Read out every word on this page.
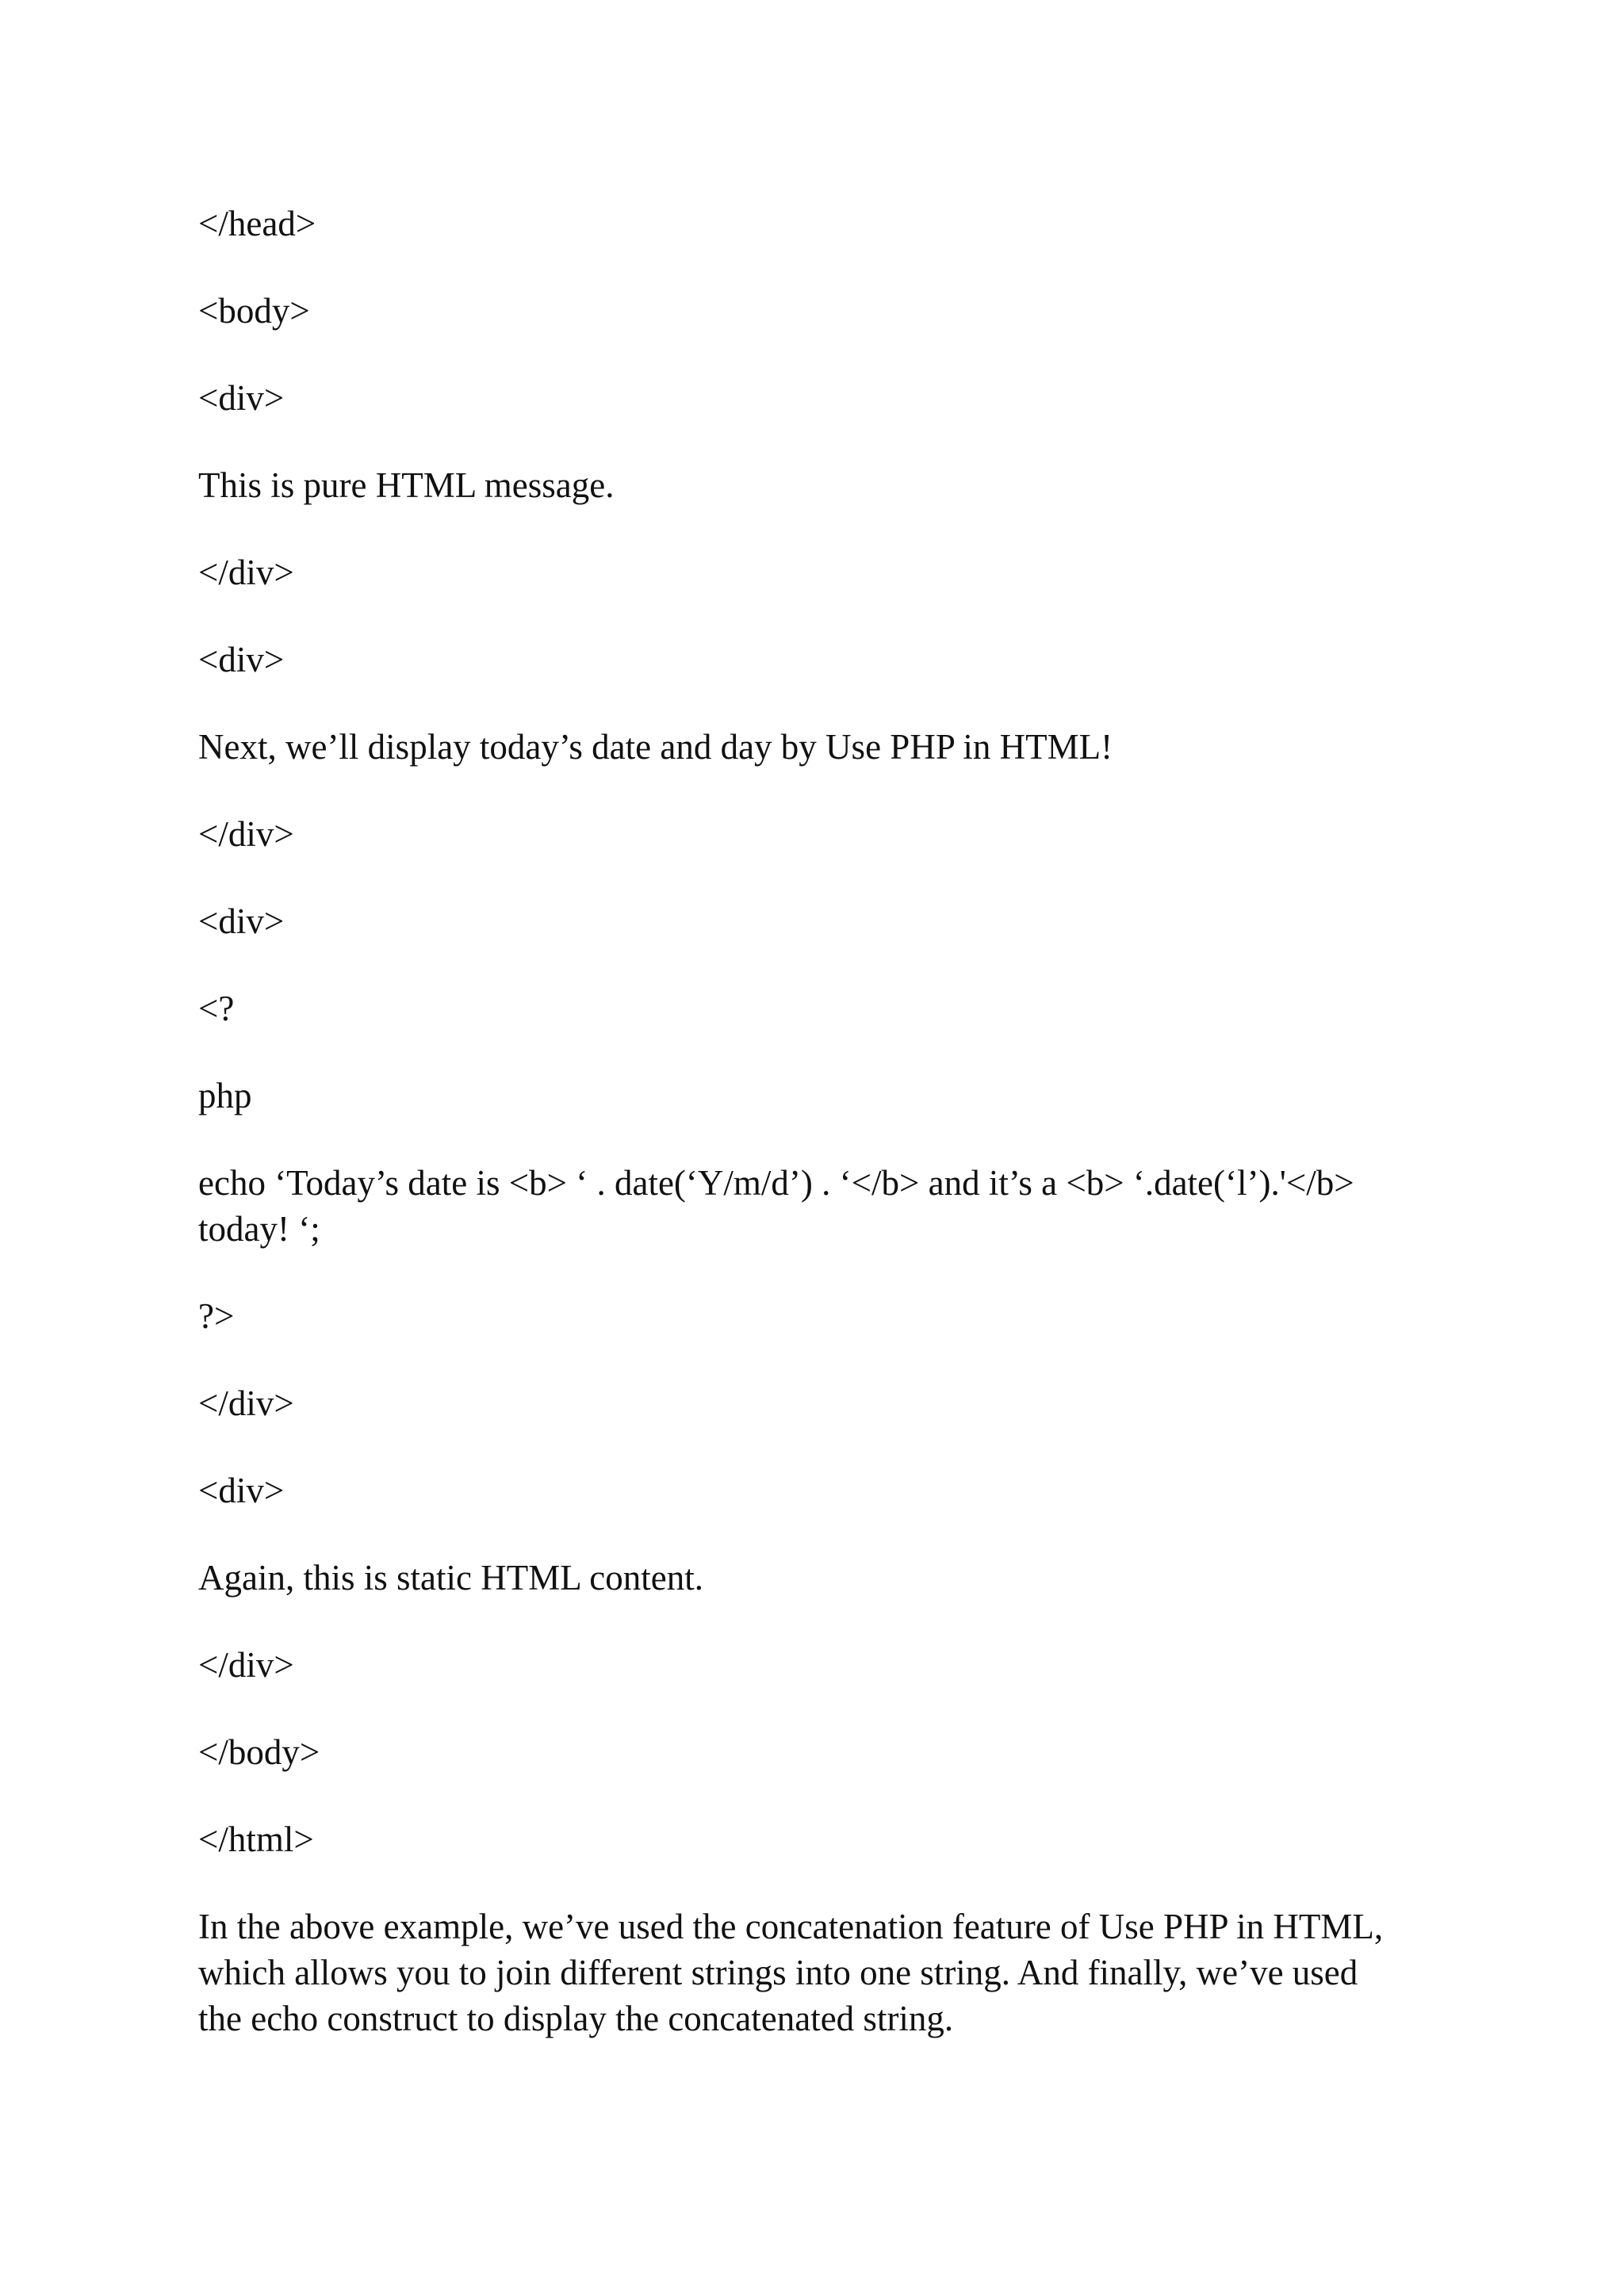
</head>

<body>

<div>

This is pure HTML message.

</div>

<div>

Next, we’ll display today’s date and day by Use PHP in HTML!

</div>

<div>

<?

php

echo ‘Today’s date is <b> ‘ . date(‘Y/m/d’) . ‘</b> and it’s a <b> ‘.date(‘l’).'</b>

today! ‘;

?>

</div>

<div>

Again, this is static HTML content.

</div>

</body>

</html>

In the above example, we’ve used the concatenation feature of Use PHP in HTML,

which allows you to join different strings into one string. And finally, we’ve used

the echo construct to display the concatenated string.
